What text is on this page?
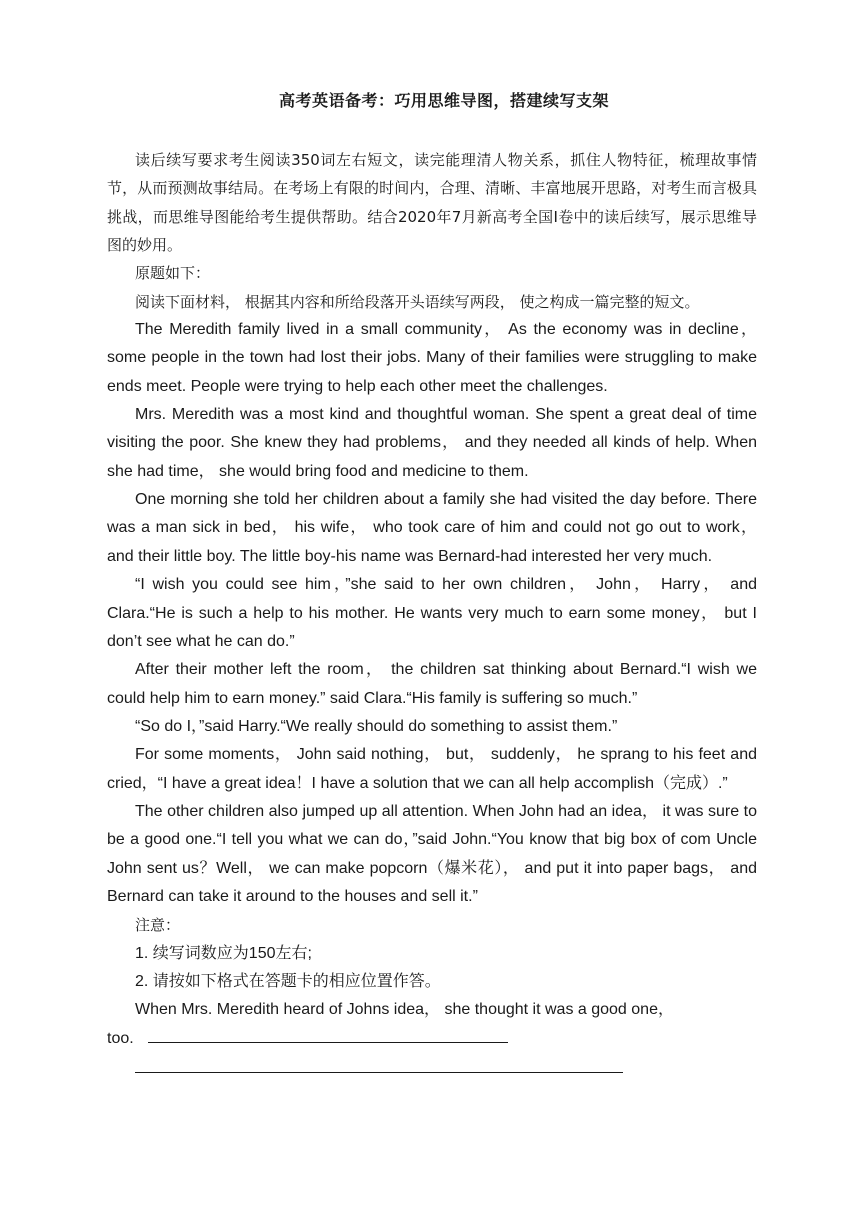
高考英语备考：巧用思维导图，搭建续写支架

读后续写要求考生阅读350词左右短文，读完能理清人物关系，抓住人物特征，梳理故事情节，从而预测故事结局。在考场上有限的时间内，合理、清晰、丰富地展开思路，对考生而言极具挑战，而思维导图能给考生提供帮助。结合2020年7月新高考全国Ⅰ卷中的读后续写，展示思维导图的妙用。

原题如下：

阅读下面材料， 根据其内容和所给段落开头语续写两段， 使之构成一篇完整的短文。

The Meredith family lived in a small community， As the economy was in decline， some people in the town had lost their jobs. Many of their families were struggling to make ends meet. People were trying to help each other meet the challenges.

Mrs. Meredith was a most kind and thoughtful woman. She spent a great deal of time visiting the poor. She knew they had problems， and they needed all kinds of help. When she had time， she would bring food and medicine to them.

One morning she told her children about a family she had visited the day before. There was a man sick in bed， his wife， who took care of him and could not go out to work， and their little boy. The little boy-his name was Bernard-had interested her very much.

“I wish you could see him，”she said to her own children， John， Harry， and Clara.“He is such a help to his mother. He wants very much to earn some money， but I don’t see what he can do.”

After their mother left the room， the children sat thinking about Bernard.“I wish we could help him to earn money.” said Clara.“His family is suffering so much.”

“So do I，”said Harry.“We really should do something to assist them.”

For some moments， John said nothing， but， suddenly， he sprang to his feet and cried，“I have a great idea！I have a solution that we can all help accomplish（完成）.”

The other children also jumped up all attention. When John had an idea， it was sure to be a good one.“I tell you what we can do，”said John.“You know that big box of com Uncle John sent us？Well， we can make popcorn（爆米花）， and put it into paper bags， and Bernard can take it around to the houses and sell it.”

注意：

1. 续写词数应为150左右;

2. 请按如下格式在答题卡的相应位置作答。

When Mrs. Meredith heard of Johns idea， she thought it was a good one，

too.
